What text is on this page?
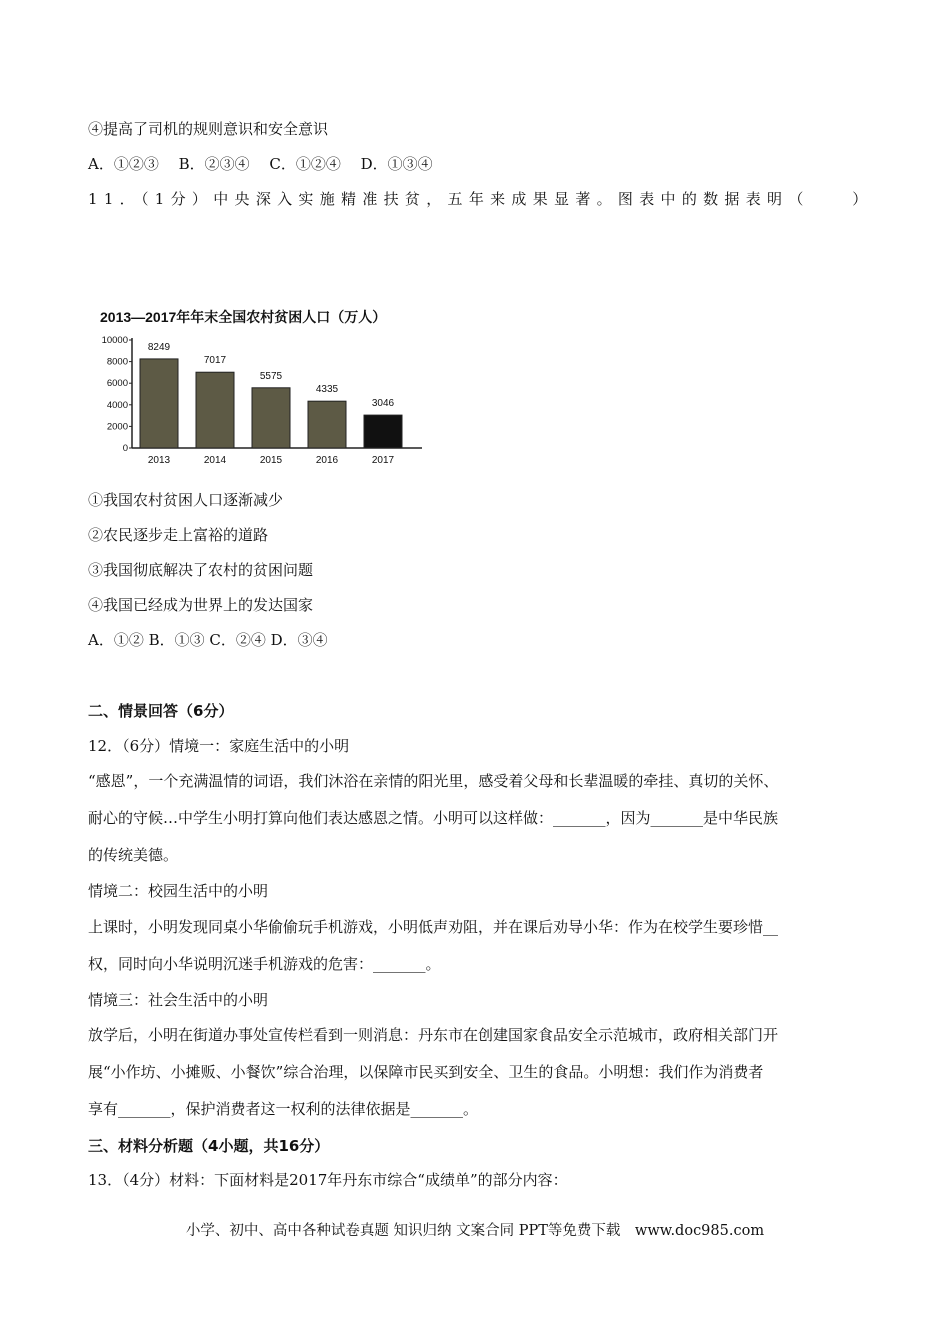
④提高了司机的规则意识和安全意识

A．①②③　 B．②③④　 C．①②④　 D．①③④

11．（1分）中央深入实施精准扶贫，五年来成果显著。图表中的数据表明（　　）

2013—2017年年末全国农村贫困人口（万人）
10000
8000
6000
4000
2000
0
8249
7017
5575
4335
3046
2013	2014	2015	2016	2017

①我国农村贫困人口逐渐减少

②农民逐步走上富裕的道路

③我国彻底解决了农村的贫困问题

④我国已经成为世界上的发达国家

A．①② B．①③ C．②④ D．③④

二、情景回答（6分）

12．（6分）情境一：家庭生活中的小明

“感恩”，一个充满温情的词语，我们沐浴在亲情的阳光里，感受着父母和长辈温暖的牵挂、真切的关怀、

耐心的守候…中学生小明打算向他们表达感恩之情。小明可以这样做：_______，因为_______是中华民族

的传统美德。

情境二：校园生活中的小明

上课时，小明发现同桌小华偷偷玩手机游戏，小明低声劝阻，并在课后劝导小华：作为在校学生要珍惜__

权，同时向小华说明沉迷手机游戏的危害：_______。

情境三：社会生活中的小明

放学后，小明在街道办事处宣传栏看到一则消息：丹东市在创建国家食品安全示范城市，政府相关部门开

展“小作坊、小摊贩、小餐饮”综合治理，以保障市民买到安全、卫生的食品。小明想：我们作为消费者

享有_______，保护消费者这一权利的法律依据是_______。

三、材料分析题（4小题，共16分）

13．（4分）材料：下面材料是2017年丹东市综合“成绩单”的部分内容：

小学、初中、高中各种试卷真题 知识归纳 文案合同 PPT等免费下载　www.doc985.com
